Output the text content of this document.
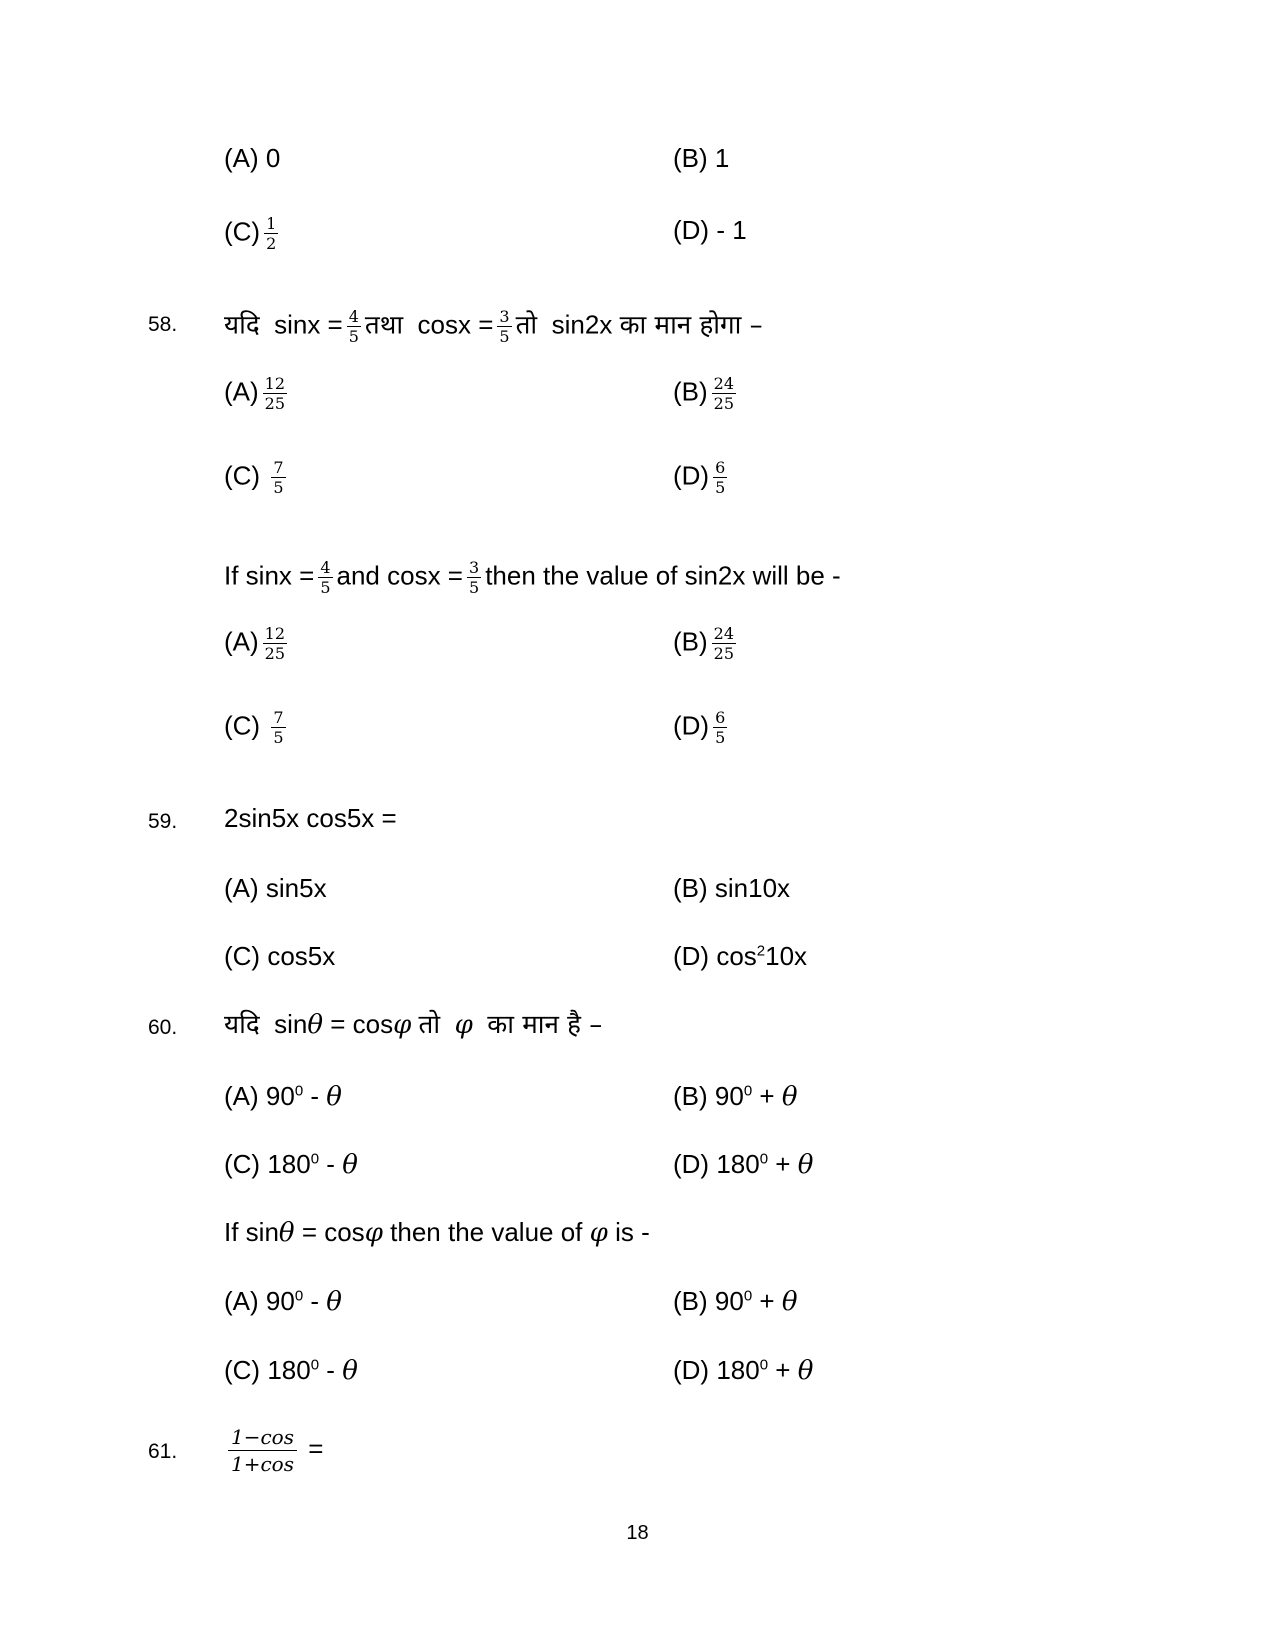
(A) 0	(B) 1
$(C) \frac{1}{2}$	(D) - 1
58. यदि $\sin x = \frac{4}{5}$ तथा $\cos x = \frac{3}{5}$ तो sin2x का मान होगा –
$(A) \frac{12}{25}$	$(B) \frac{24}{25}$
$(C) \frac{7}{5}$	$(D) \frac{6}{5}$
If $\sin x = \frac{4}{5}$ and $\cos x = \frac{3}{5}$ then the value of sin2x will be -
$(A) \frac{12}{25}$	$(B) \frac{24}{25}$
$(C) \frac{7}{5}$	$(D) \frac{6}{5}$
59. 2sin5x cos5x =
(A) sin5x	(B) sin10x
(C) cos5x	(D) $\cos^210x$
60. यदि sinθ = cosφ तो φ का मान है –
(A) $90^0$ - θ	(B) $90^0 + \theta$
(C) $180^0$ - θ	(D) $180^0 + \theta$
If sinθ = cosφ then the value of φ is -
(A) $90^0$ - θ	(B) $90^0 + \theta$
(C) $180^0$ - θ	(D) $180^0 + \theta$
61.	$\frac{1-\cos}{1+\cos}$ =
18
